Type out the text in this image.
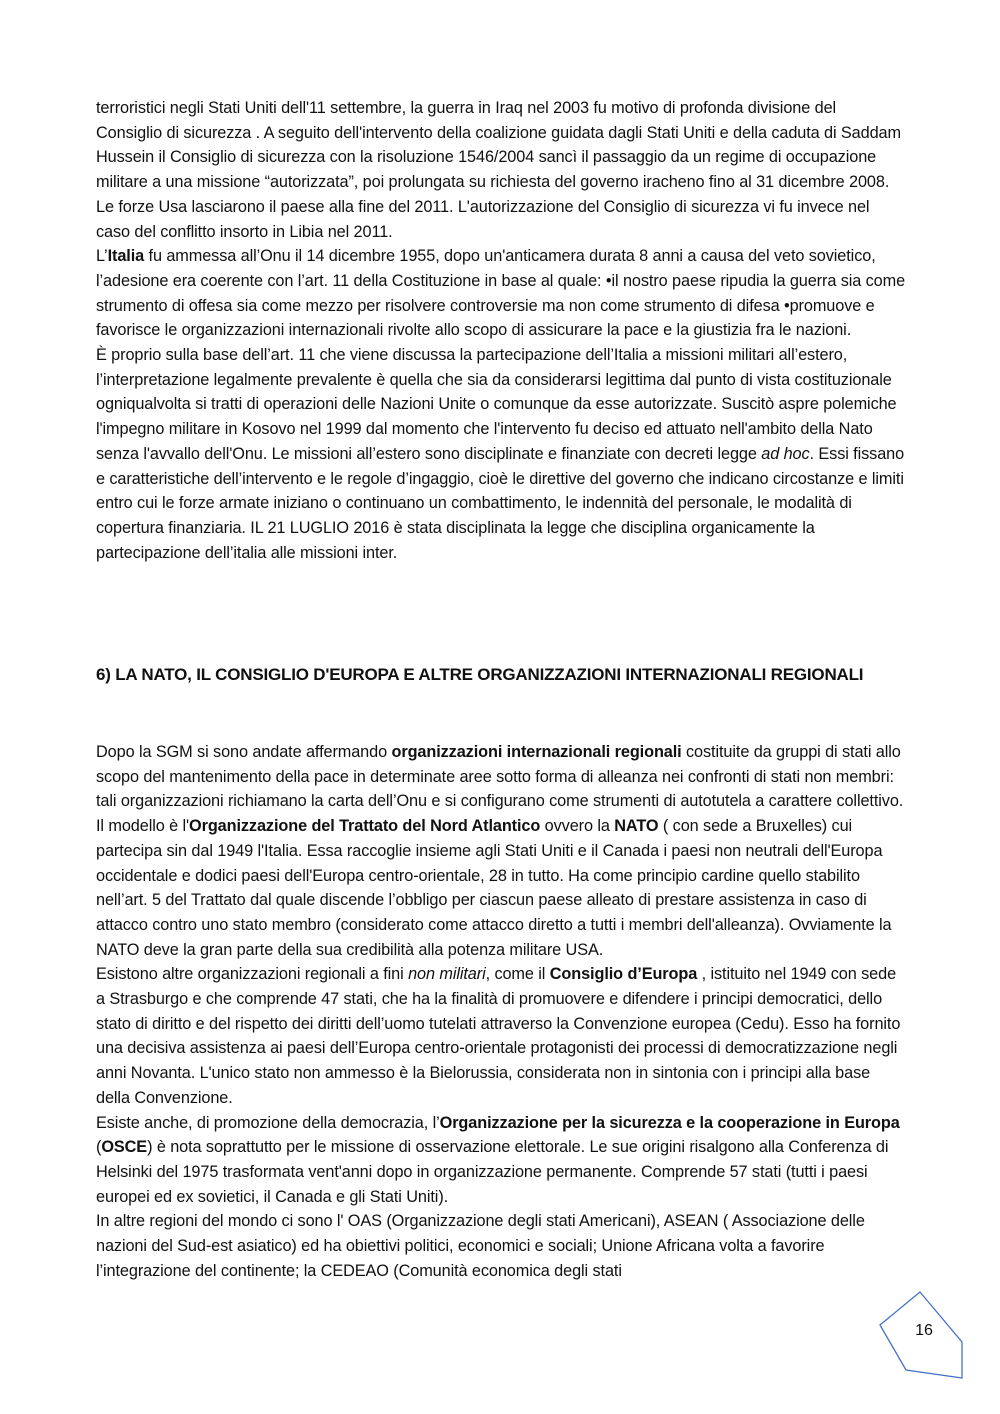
terroristici negli Stati Uniti dell'11 settembre, la guerra in Iraq nel 2003 fu motivo di profonda divisione del Consiglio di sicurezza . A seguito dell'intervento della coalizione guidata dagli Stati Uniti e della caduta di Saddam Hussein il Consiglio di sicurezza con la risoluzione 1546/2004 sancì il passaggio da un regime di occupazione militare a una missione “autorizzata”, poi prolungata su richiesta del governo iracheno fino al 31 dicembre 2008. Le forze Usa lasciarono il paese alla fine del 2011. L'autorizzazione del Consiglio di sicurezza vi fu invece nel caso del conflitto insorto in Libia nel 2011.

L’Italia fu ammessa all’Onu il 14 dicembre 1955, dopo un'anticamera durata 8 anni a causa del veto sovietico, l’adesione era coerente con l’art. 11 della Costituzione in base al quale: •il nostro paese ripudia la guerra sia come strumento di offesa sia come mezzo per risolvere controversie ma non come strumento di difesa •promuove e favorisce le organizzazioni internazionali rivolte allo scopo di assicurare la pace e la giustizia fra le nazioni.

È proprio sulla base dell’art. 11 che viene discussa la partecipazione dell’Italia a missioni militari all’estero, l’interpretazione legalmente prevalente è quella che sia da considerarsi legittima dal punto di vista costituzionale ogniqualvolta si tratti di operazioni delle Nazioni Unite o comunque da esse autorizzate. Suscitò aspre polemiche l'impegno militare in Kosovo nel 1999 dal momento che l'intervento fu deciso ed attuato nell'ambito della Nato senza l'avvallo dell'Onu. Le missioni all’estero sono disciplinate e finanziate con decreti legge ad hoc. Essi fissano e caratteristiche dell’intervento e le regole d’ingaggio, cioè le direttive del governo che indicano circostanze e limiti entro cui le forze armate iniziano o continuano un combattimento, le indennità del personale, le modalità di copertura finanziaria. IL 21 LUGLIO 2016 è stata disciplinata la legge che disciplina organicamente la partecipazione dell’italia alle missioni inter.

6) LA NATO, IL CONSIGLIO D'EUROPA E ALTRE ORGANIZZAZIONI INTERNAZIONALI REGIONALI

Dopo la SGM si sono andate affermando organizzazioni internazionali regionali costituite da gruppi di stati allo scopo del mantenimento della pace in determinate aree sotto forma di alleanza nei confronti di stati non membri: tali organizzazioni richiamano la carta dell’Onu e si configurano come strumenti di autotutela a carattere collettivo. Il modello è l'Organizzazione del Trattato del Nord Atlantico ovvero la NATO ( con sede a Bruxelles) cui partecipa sin dal 1949 l'Italia. Essa raccoglie insieme agli Stati Uniti e il Canada i paesi non neutrali dell'Europa occidentale e dodici paesi dell'Europa centro-orientale, 28 in tutto. Ha come principio cardine quello stabilito nell’art. 5 del Trattato dal quale discende l’obbligo per ciascun paese alleato di prestare assistenza in caso di attacco contro uno stato membro (considerato come attacco diretto a tutti i membri dell'alleanza). Ovviamente la NATO deve la gran parte della sua credibilità alla potenza militare USA.

Esistono altre organizzazioni regionali a fini non militari, come il Consiglio d’Europa , istituito nel 1949 con sede a Strasburgo e che comprende 47 stati, che ha la finalità di promuovere e difendere i principi democratici, dello stato di diritto e del rispetto dei diritti dell’uomo tutelati attraverso la Convenzione europea (Cedu). Esso ha fornito una decisiva assistenza ai paesi dell’Europa centro-orientale protagonisti dei processi di democratizzazione negli anni Novanta. L'unico stato non ammesso è la Bielorussia, considerata non in sintonia con i principi alla base della Convenzione.

Esiste anche, di promozione della democrazia, l’Organizzazione per la sicurezza e la cooperazione in Europa (OSCE) è nota soprattutto per le missione di osservazione elettorale. Le sue origini risalgono alla Conferenza di Helsinki del 1975 trasformata vent'anni dopo in organizzazione permanente. Comprende 57 stati (tutti i paesi europei ed ex sovietici, il Canada e gli Stati Uniti).

In altre regioni del mondo ci sono l' OAS (Organizzazione degli stati Americani), ASEAN ( Associazione delle nazioni del Sud-est asiatico) ed ha obiettivi politici, economici e sociali; Unione Africana volta a favorire l’integrazione del continente; la CEDEAO (Comunità economica degli stati

16
